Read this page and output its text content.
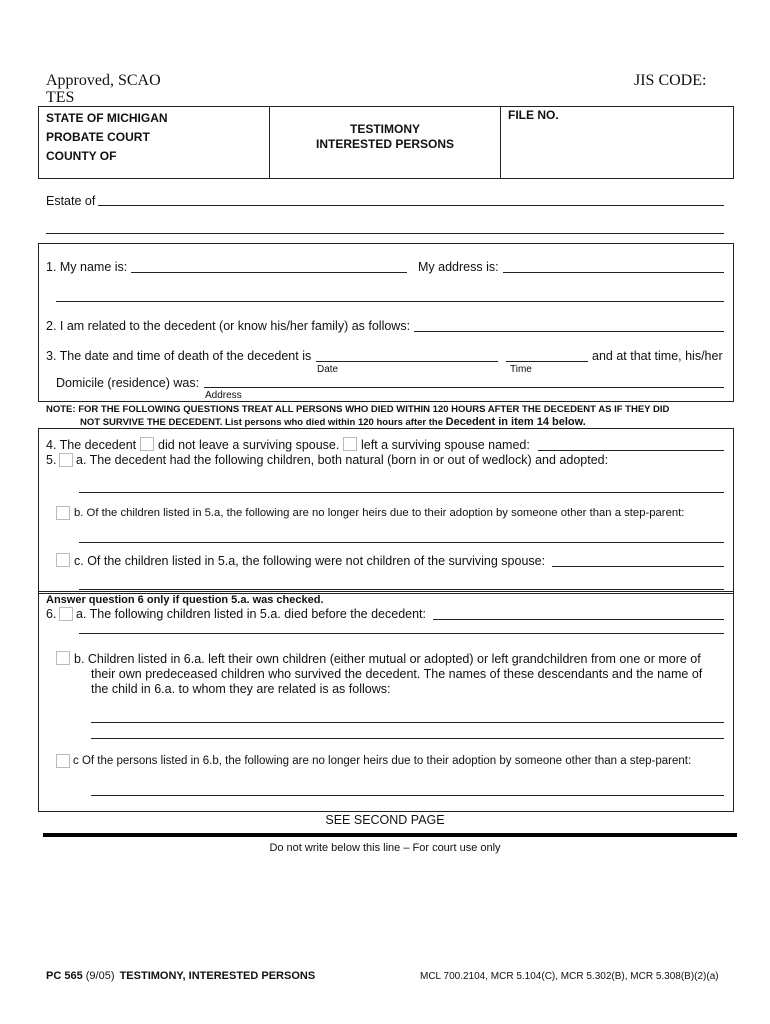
Approved, SCAO	JIS CODE:
TES
STATE OF MICHIGAN
PROBATE COURT
COUNTY OF
TESTIMONY
INTERESTED PERSONS
FILE NO.
Estate of
1. My name is:	My address is:
2. I am related to the decedent (or know his/her family) as follows:
3. The date and time of death of the decedent is	and at that time, his/her
Date	Time
Domicile (residence) was:
Address
NOTE: FOR THE FOLLOWING QUESTIONS TREAT ALL PERSONS WHO DIED WITHIN 120 HOURS AFTER THE DECEDENT AS IF THEY DID
NOT SURVIVE THE DECEDENT. List persons who died within 120 hours after the Decedent in item 14 below.
4. The decedent did not leave a surviving spouse. left a surviving spouse named:
5. a. The decedent had the following children, both natural (born in or out of wedlock) and adopted:
b. Of the children listed in 5.a, the following are no longer heirs due to their adoption by someone other than a step-parent:
c. Of the children listed in 5.a, the following were not children of the surviving spouse:
Answer question 6 only if question 5.a. was checked.
6. a. The following children listed in 5.a. died before the decedent:
b. Children listed in 6.a. left their own children (either mutual or adopted) or left grandchildren from one or more of
their own predeceased children who survived the decedent. The names of these descendants and the name of
the child in 6.a. to whom they are related is as follows:
c Of the persons listed in 6.b, the following are no longer heirs due to their adoption by someone other than a step-parent:
SEE SECOND PAGE
Do not write below this line – For court use only
PC 565 (9/05) TESTIMONY, INTERESTED PERSONS	MCL 700.2104, MCR 5.104(C), MCR 5.302(B), MCR 5.308(B)(2)(a)
